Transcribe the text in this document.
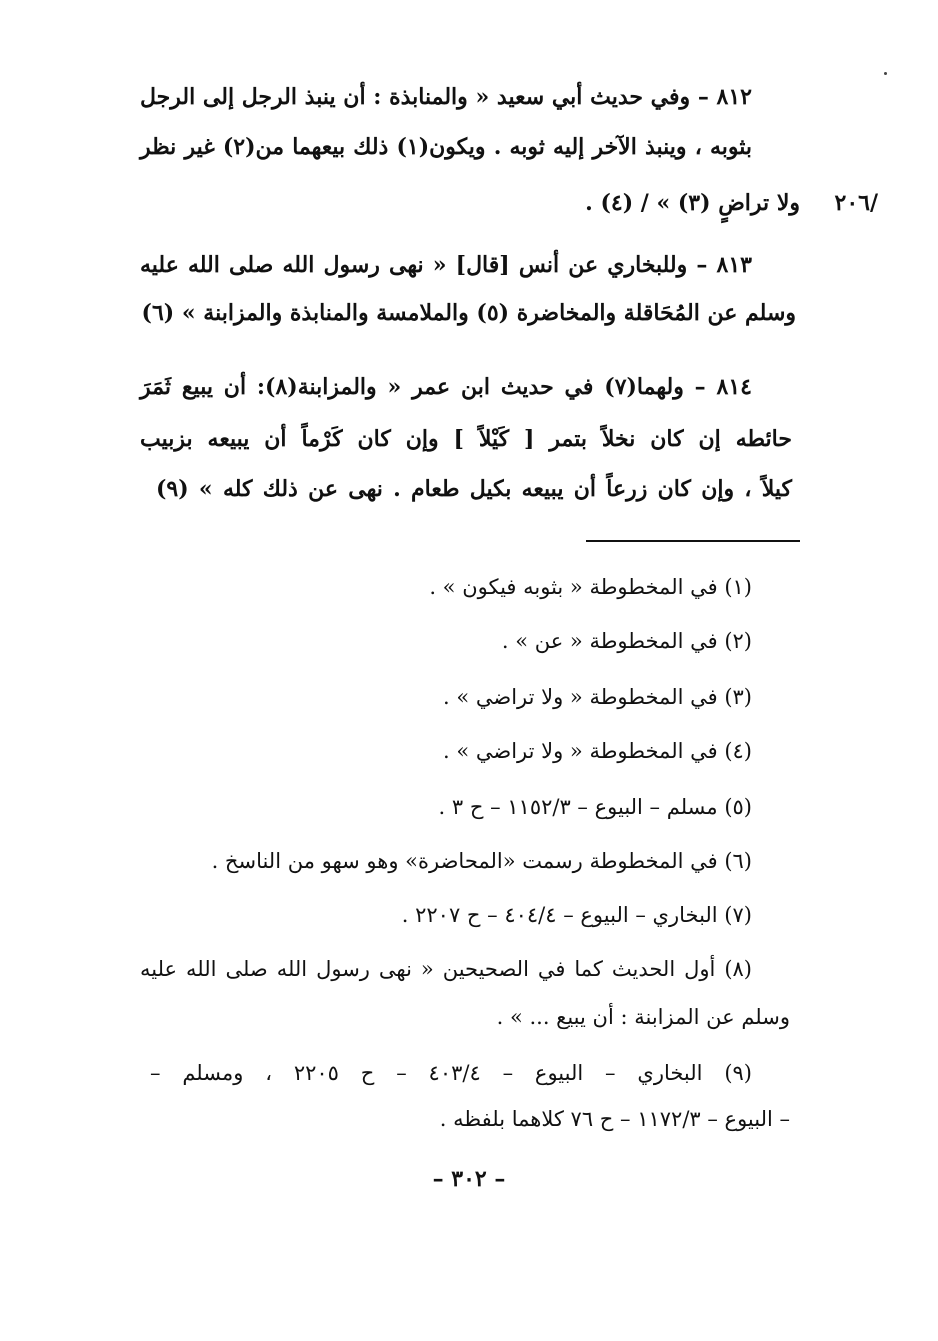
٨١٢ – وفي حديث أبي سعيد « والمنابذة : أن ينبذ الرجل إلى الرجل
بثوبه ، وينبذ الآخر إليه ثوبه . ويكون(١) ذلك بيعهما من(٢) غير نظر
ولا تراضٍ (٣) » / (٤) .	/٢٠٦
٨١٣ – وللبخاري عن أنس [قال] « نهى رسول الله صلى الله عليه
وسلم عن المُحَاقلة والمخاضرة (٥) والملامسة والمنابذة والمزابنة » (٦)
٨١٤ – ولهما(٧) في حديث ابن عمر « والمزابنة(٨): أن يبيع ثَمَرَ
حائطه إن كان نخلاً بتمر [ كَيْلاً ] وإن كان كَرْماً أن يبيعه بزبيب
كيلاً ، وإن كان زرعاً أن يبيعه بكيل طعام . نهى عن ذلك كله » (٩)
(١) في المخطوطة « بثوبه فيكون » .
(٢) في المخطوطة « عن » .
(٣) في المخطوطة « ولا تراضي » .
(٤) في المخطوطة « ولا تراضي » .
(٥) مسلم – البيوع – ١١٥٢/٣ – ح ٣ .
(٦) في المخطوطة رسمت «المحاضرة» وهو سهو من الناسخ .
(٧) البخاري – البيوع – ٤٠٤/٤ – ح ٢٢٠٧ .
(٨) أول الحديث كما في الصحيحين « نهى رسول الله صلى الله عليه
وسلم عن المزابنة : أن يبيع ... » .
(٩) البخاري – البيوع – ٤٠٣/٤ – ح ٢٢٠٥ ، ومسلم –
– البيوع – ١١٧٢/٣ – ح ٧٦ كلاهما بلفظه .
– ٣٠٢ –
